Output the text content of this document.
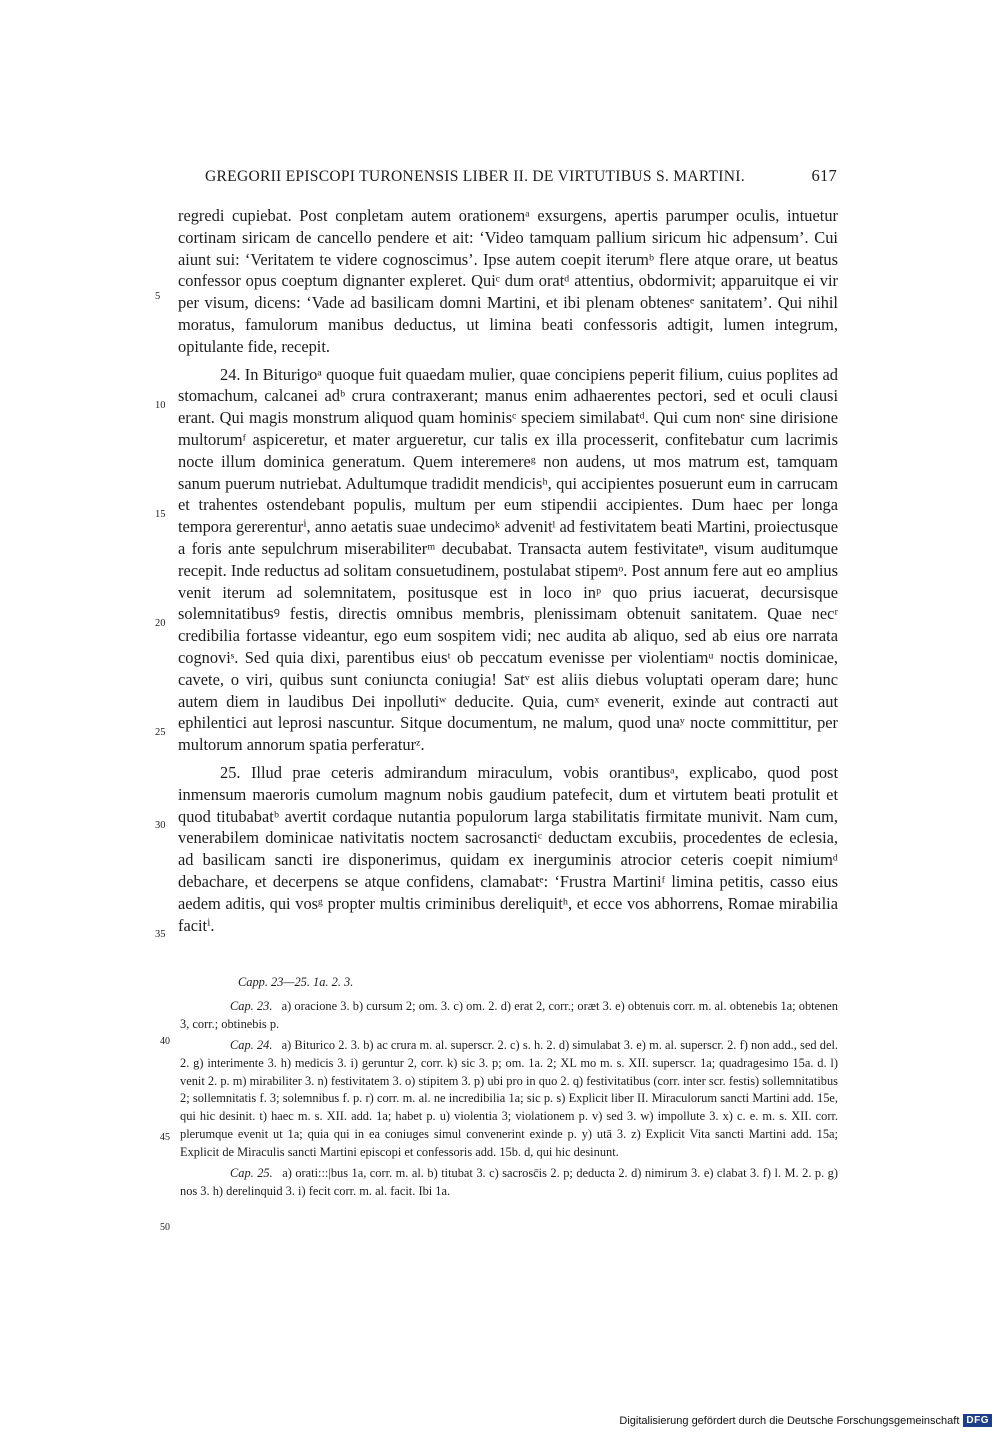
GREGORII EPISCOPI TURONENSIS LIBER II. DE VIRTUTIBUS S. MARTINI.	617
5
10
15
20
25
30
35
40
45
50

regredi cupiebat. Post conpletam autem orationemᵃ exsurgens, apertis parumper oculis, intuetur cortinam siricam de cancello pendere et ait: ‘Video tamquam pallium siricum hic adpensum’. Cui aiunt sui: ‘Veritatem te videre cognoscimus’. Ipse autem coepit iterumᵇ flere atque orare, ut beatus confessor opus coeptum dignanter expleret. Quiᶜ dum oratᵈ attentius, obdormivit; apparuitque ei vir per visum, dicens: ‘Vade ad basilicam domni Martini, et ibi plenam obtenesᵉ sanitatem’. Qui nihil moratus, famulorum manibus deductus, ut limina beati confessoris adtigit, lumen integrum, opitulante fide, recepit.

24. In Biturigoᵃ quoque fuit quaedam mulier, quae concipiens peperit filium, cuius poplites ad stomachum, calcanei adᵇ crura contraxerant; manus enim adhaerentes pectori, sed et oculi clausi erant. Qui magis monstrum aliquod quam hominisᶜ speciem similabatᵈ. Qui cum nonᵉ sine dirisione multorumᶠ aspiceretur, et mater argueretur, cur talis ex illa processerit, confitebatur cum lacrimis nocte illum dominica generatum. Quem interemereᵍ non audens, ut mos matrum est, tamquam sanum puerum nutriebat. Adultumque tradidit mendicisʰ, qui accipientes posuerunt eum in carrucam et trahentes ostendebant populis, multum per eum stipendii accipientes. Dum haec per longa tempora gererenturⁱ, anno aetatis suae undecimoᵏ advenitˡ ad festivitatem beati Martini, proiectusque a foris ante sepulchrum miserabiliterᵐ decubabat. Transacta autem festivitateⁿ, visum auditumque recepit. Inde reductus ad solitam consuetudinem, postulabat stipemᵒ. Post annum fere aut eo amplius venit iterum ad solemnitatem, positusque est in loco inᵖ quo prius iacuerat, decursisque solemnitatibusꝰ festis, directis omnibus membris, plenissimam obtenuit sanitatem. Quae necʳ credibilia fortasse videantur, ego eum sospitem vidi; nec audita ab aliquo, sed ab eius ore narrata cognoviˢ. Sed quia dixi, parentibus eiusᵗ ob peccatum evenisse per violentiamᵘ noctis dominicae, cavete, o viri, quibus sunt coniuncta coniugia! Satᵛ est aliis diebus voluptati operam dare; hunc autem diem in laudibus Dei inpollutiʷ deducite. Quia, cumˣ evenerit, exinde aut contracti aut ephilentici aut leprosi nascuntur. Sitque documentum, ne malum, quod unaʸ nocte committitur, per multorum annorum spatia perferaturᶻ.

25. Illud prae ceteris admirandum miraculum, vobis orantibusᵃ, explicabo, quod post inmensum maeroris cumolum magnum nobis gaudium patefecit, dum et virtutem beati protulit et quod titubabatᵇ avertit cordaque nutantia populorum larga stabilitatis firmitate munivit. Nam cum, venerabilem dominicae nativitatis noctem sacrosanctiᶜ deductam excubiis, procedentes de eclesia, ad basilicam sancti ire disponerimus, quidam ex inerguminis atrocior ceteris coepit nimiumᵈ debachare, et decerpens se atque confidens, clamabatᵉ: ‘Frustra Martiniᶠ limina petitis, casso eius aedem aditis, qui vosᵍ propter multis criminibus dereliquitʰ, et ecce vos abhorrens, Romae mirabilia facitⁱ.

Capp. 23—25. 1a. 2. 3.

Cap. 23. a) oracione 3. b) cursum 2; om. 3. c) om. 2. d) erat 2, corr.; oræt 3. e) obtenuis corr. m. al. obtenebis 1a; obtenen 3, corr.; obtinebis p.

Cap. 24. a) Biturico 2. 3. b) ac crura m. al. superscr. 2. c) s. h. 2. d) simulabat 3. e) m. al. superscr. 2. f) non add., sed del. 2. g) interimente 3. h) medicis 3. i) geruntur 2, corr. k) sic 3. p; om. 1a. 2; XL mo m. s. XII. superscr. 1a; quadragesimo 15a. d. l) venit 2. p. m) mirabiliter 3. n) festivitatem 3. o) stipitem 3. p) ubi pro in quo 2. q) festivitatibus (corr. inter scr. festis) sollemnitatibus 2; sollemnitatis f. 3; solemnibus f. p. r) corr. m. al. ne incredibilia 1a; sic p. s) Explicit liber II. Miraculorum sancti Martini add. 15e, qui hic desinit. t) haec m. s. XII. add. 1a; habet p. u) violentia 3; violationem p. v) sed 3. w) impollute 3. x) c. e. m. s. XII. corr. plerumque evenit ut 1a; quia qui in ea coniuges simul convenerint exinde p. y) utā 3. z) Explicit Vita sancti Martini add. 15a; Explicit de Miraculis sancti Martini episcopi et confessoris add. 15b. d, qui hic desinunt.

Cap. 25. a) orati:::|bus 1a, corr. m. al. b) titubat 3. c) sacrosc̄is 2. p; deducta 2. d) nimirum 3. e) clabat 3. f) l. M. 2. p. g) nos 3. h) derelinquid 3. i) fecit corr. m. al. facit. Ibi 1a.

Digitalisierung gefördert durch die Deutsche Forschungsgemeinschaft DFG
